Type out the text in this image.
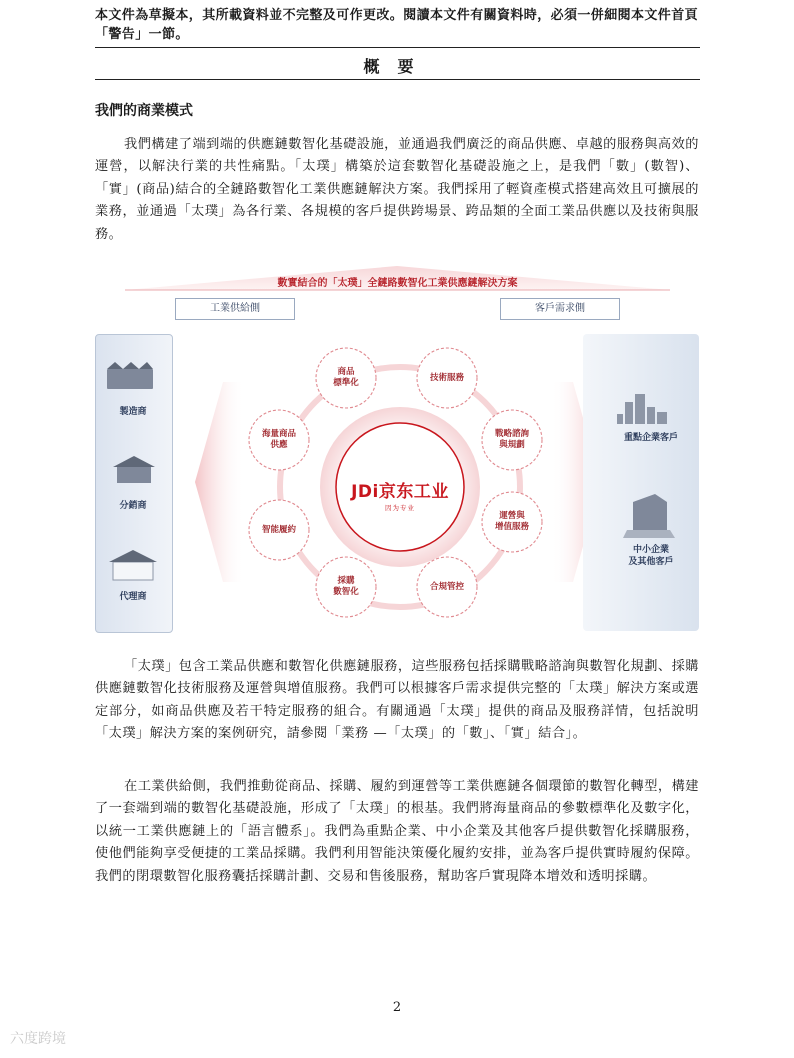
本文件為草擬本，其所載資料並不完整及可作更改。閱讀本文件有關資料時，必須一併細閱本文件首頁「警告」一節。
概要
我們的商業模式
我們構建了端到端的供應鏈數智化基礎設施，並通過我們廣泛的商品供應、卓越的服務與高效的運營，以解決行業的共性痛點。「太璞」構築於這套數智化基礎設施之上，是我們「數」(數智)、「實」(商品)結合的全鏈路數智化工業供應鏈解決方案。我們採用了輕資產模式搭建高效且可擴展的業務，並通過「太璞」為各行業、各規模的客戶提供跨場景、跨品類的全面工業品供應以及技術與服務。
數實結合的「太璞」全鏈路數智化工業供應鏈解決方案
工業供給側	客戶需求側
製造商
分銷商
代理商
重點企業客戶
中小企業
及其他客戶
商品
標準化	技術服務
戰略諮詢
與規劃
運營與
增值服務
合規管控
採購
數智化
智能履約
海量商品
供應
JDi京东工业
因为专业
「太璞」包含工業品供應和數智化供應鏈服務，這些服務包括採購戰略諮詢與數智化規劃、採購供應鏈數智化技術服務及運營與增值服務。我們可以根據客戶需求提供完整的「太璞」解決方案或選定部分，如商品供應及若干特定服務的組合。有關通過「太璞」提供的商品及服務詳情，包括說明「太璞」解決方案的案例研究，請參閱「業務 —「太璞」的「數」、「實」結合」。
在工業供給側，我們推動從商品、採購、履約到運營等工業供應鏈各個環節的數智化轉型，構建了一套端到端的數智化基礎設施，形成了「太璞」的根基。我們將海量商品的參數標準化及數字化，以統一工業供應鏈上的「語言體系」。我們為重點企業、中小企業及其他客戶提供數智化採購服務，使他們能夠享受便捷的工業品採購。我們利用智能決策優化履約安排，並為客戶提供實時履約保障。我們的閉環數智化服務囊括採購計劃、交易和售後服務，幫助客戶實現降本增效和透明採購。
2
六度跨境
